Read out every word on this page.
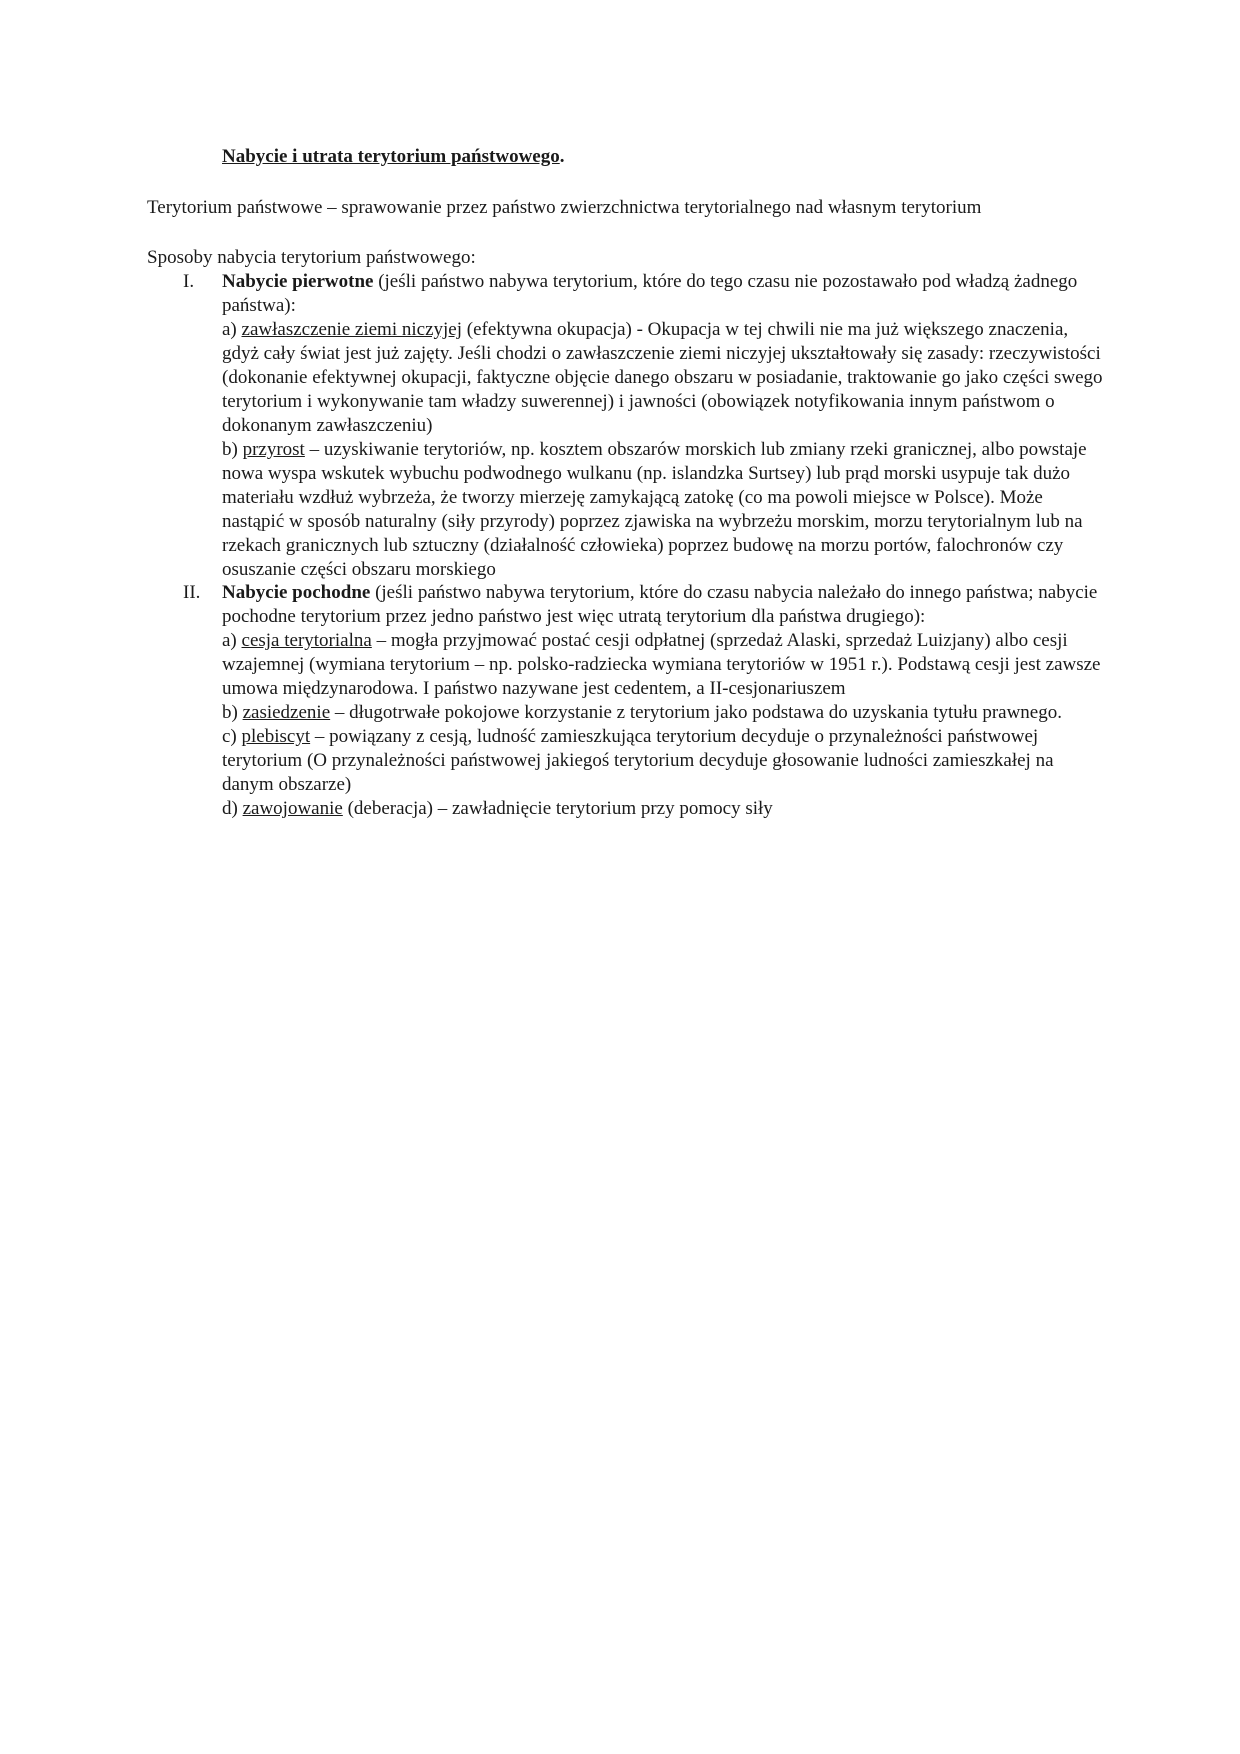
Nabycie i utrata terytorium państwowego.
Terytorium państwowe – sprawowanie przez państwo zwierzchnictwa terytorialnego nad własnym terytorium
Sposoby nabycia terytorium państwowego:
I.	Nabycie pierwotne (jeśli państwo nabywa terytorium, które do tego czasu nie pozostawało pod władzą żadnego państwa):

a) zawłaszczenie ziemi niczyjej (efektywna okupacja) - Okupacja w tej chwili nie ma już większego znaczenia, gdyż cały świat jest już zajęty. Jeśli chodzi o zawłaszczenie ziemi niczyjej ukształtowały się zasady: rzeczywistości (dokonanie efektywnej okupacji, faktyczne objęcie danego obszaru w posiadanie, traktowanie go jako części swego terytorium i wykonywanie tam władzy suwerennej) i jawności (obowiązek notyfikowania innym państwom o dokonanym zawłaszczeniu)

b) przyrost – uzyskiwanie terytoriów, np. kosztem obszarów morskich lub zmiany rzeki granicznej, albo powstaje nowa wyspa wskutek wybuchu podwodnego wulkanu (np. islandzka Surtsey) lub prąd morski usypuje tak dużo materiału wzdłuż wybrzeża, że tworzy mierzeję zamykającą zatokę (co ma powoli miejsce w Polsce). Może nastąpić w sposób naturalny (siły przyrody) poprzez zjawiska na wybrzeżu morskim, morzu terytorialnym lub na rzekach granicznych lub sztuczny (działalność człowieka) poprzez budowę na morzu portów, falochronów czy osuszanie części obszaru morskiego

II.	Nabycie pochodne (jeśli państwo nabywa terytorium, które do czasu nabycia należało do innego państwa; nabycie pochodne terytorium przez jedno państwo jest więc utratą terytorium dla państwa drugiego):

a) cesja terytorialna – mogła przyjmować postać cesji odpłatnej (sprzedaż Alaski, sprzedaż Luizjany) albo cesji wzajemnej (wymiana terytorium – np. polsko-radziecka wymiana terytoriów w 1951 r.). Podstawą cesji jest zawsze umowa międzynarodowa. I państwo nazywane jest cedentem, a II-cesjonariuszem

b) zasiedzenie – długotrwałe pokojowe korzystanie z terytorium jako podstawa do uzyskania tytułu prawnego.

c) plebiscyt – powiązany z cesją, ludność zamieszkująca terytorium decyduje o przynależności państwowej terytorium (O przynależności państwowej jakiegoś terytorium decyduje głosowanie ludności zamieszkałej na danym obszarze)

d) zawojowanie (deberacja) – zawładnięcie terytorium przy pomocy siły
